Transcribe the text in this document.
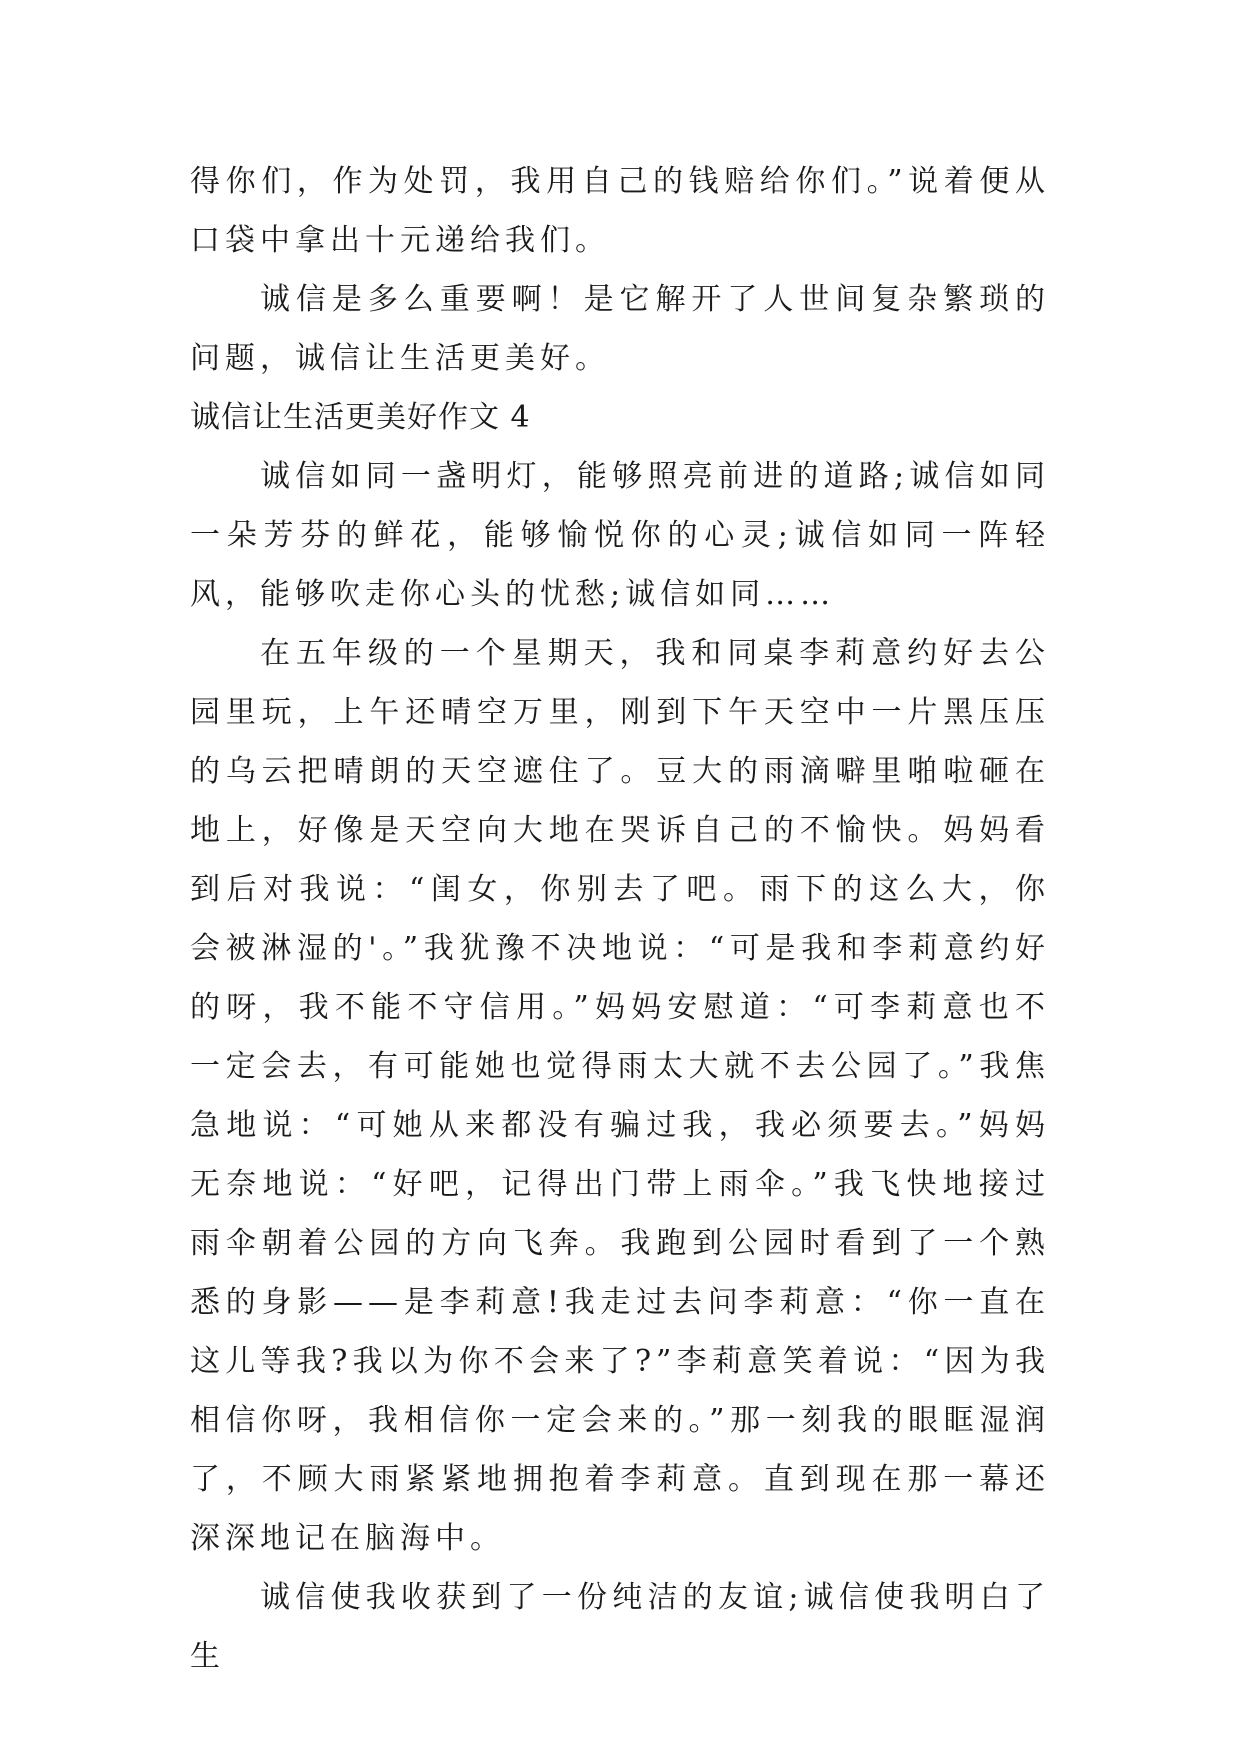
得你们，作为处罚，我用自己的钱赔给你们。”说着便从口袋中拿出十元递给我们。

诚信是多么重要啊！是它解开了人世间复杂繁琐的问题，诚信让生活更美好。

诚信让生活更美好作文 4

诚信如同一盏明灯，能够照亮前进的道路;诚信如同一朵芳芬的鲜花，能够愉悦你的心灵;诚信如同一阵轻风，能够吹走你心头的忧愁;诚信如同……

在五年级的一个星期天，我和同桌李莉意约好去公园里玩，上午还晴空万里，刚到下午天空中一片黑压压的乌云把晴朗的天空遮住了。豆大的雨滴噼里啪啦砸在地上，好像是天空向大地在哭诉自己的不愉快。妈妈看到后对我说：“闺女，你别去了吧。雨下的这么大，你会被淋湿的'。”我犹豫不决地说：“可是我和李莉意约好的呀，我不能不守信用。”妈妈安慰道：“可李莉意也不一定会去，有可能她也觉得雨太大就不去公园了。”我焦急地说：“可她从来都没有骗过我，我必须要去。”妈妈无奈地说：“好吧，记得出门带上雨伞。”我飞快地接过雨伞朝着公园的方向飞奔。我跑到公园时看到了一个熟悉的身影——是李莉意!我走过去问李莉意：“你一直在这儿等我?我以为你不会来了?”李莉意笑着说：“因为我相信你呀，我相信你一定会来的。”那一刻我的眼眶湿润了，不顾大雨紧紧地拥抱着李莉意。直到现在那一幕还深深地记在脑海中。

诚信使我收获到了一份纯洁的友谊;诚信使我明白了生
